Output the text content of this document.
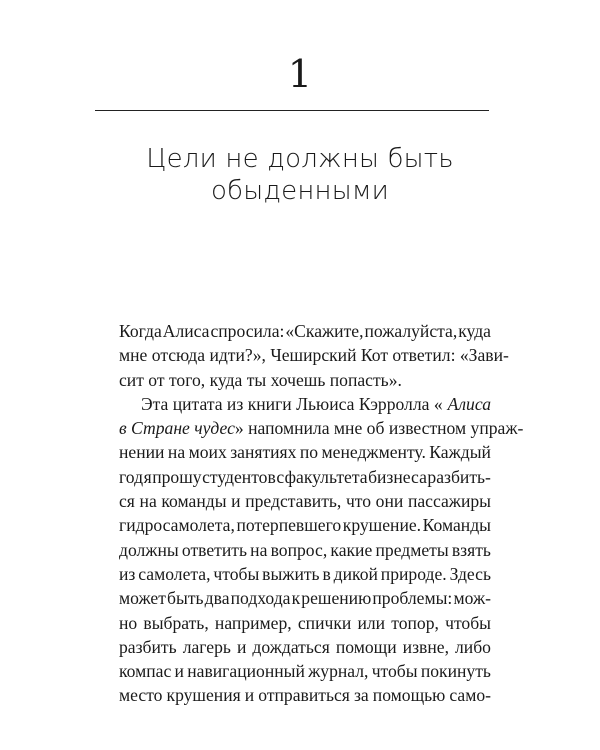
1
Цели не должны быть
обыденными
Когда Алиса спросила: «Скажите, пожалуйста, куда
мне отсюда идти?», Чеширский Кот ответил: «Зави-
сит от того, куда ты хочешь попасть».
Эта цитата из книги Льюиса Кэрролла « Алиса
в Стране чудес » напомнила мне об известном упраж-
нении на моих занятиях по менеджменту. Каждый
год я прошу студентов с факультета бизнеса разбить-
ся на команды и представить, что они пассажиры
гидросамолета, потерпевшего крушение. Команды
должны ответить на вопрос, какие предметы взять
из самолета, чтобы выжить в дикой природе. Здесь
может быть два подхода к решению проблемы: мож-
но выбрать, например, спички или топор, чтобы
разбить лагерь и дождаться помощи извне, либо
компас и навигационный журнал, чтобы покинуть
место крушения и отправиться за помощью само-
